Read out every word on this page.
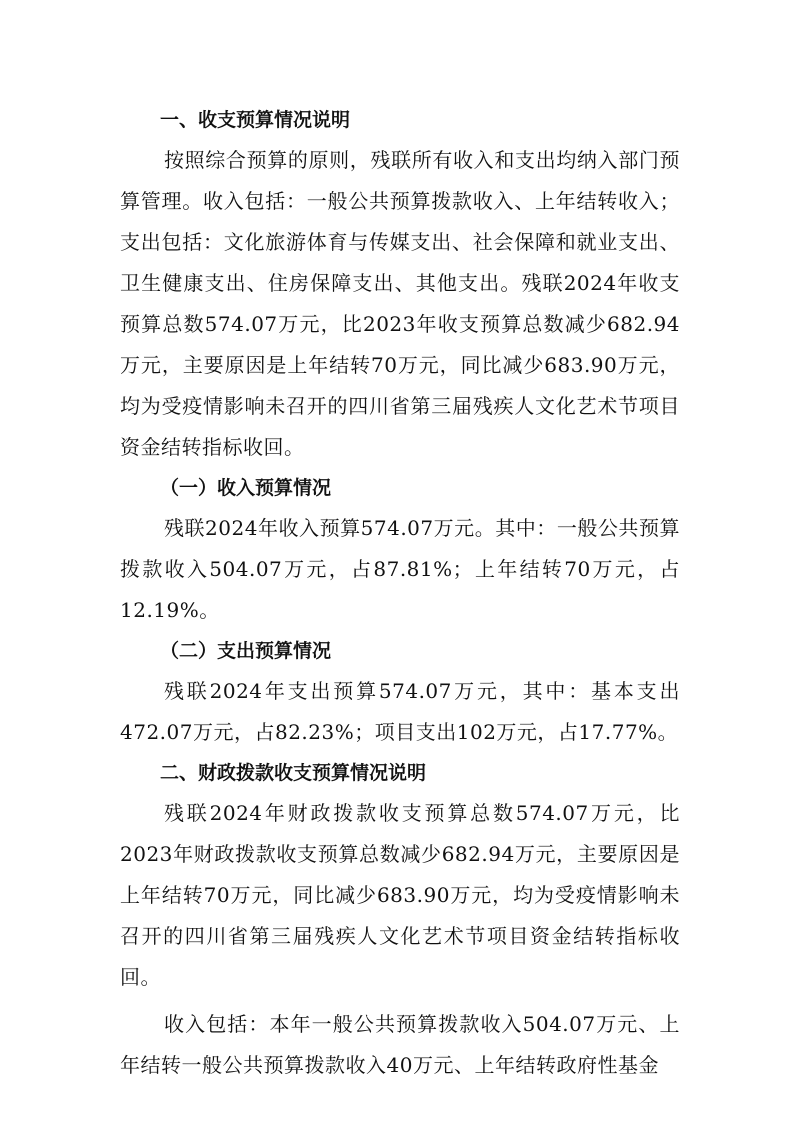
一、收支预算情况说明

按照综合预算的原则，残联所有收入和支出均纳入部门预算管理。收入包括：一般公共预算拨款收入、上年结转收入；支出包括：文化旅游体育与传媒支出、社会保障和就业支出、卫生健康支出、住房保障支出、其他支出。残联2024年收支预算总数574.07万元，比2023年收支预算总数减少682.94万元，主要原因是上年结转70万元，同比减少683.90万元，均为受疫情影响未召开的四川省第三届残疾人文化艺术节项目资金结转指标收回。

（一）收入预算情况

残联2024年收入预算574.07万元。其中：一般公共预算拨款收入504.07万元，占87.81%；上年结转70万元，占12.19%。

（二）支出预算情况

残联2024年支出预算574.07万元，其中：基本支出472.07万元，占82.23%；项目支出102万元，占17.77%。

二、财政拨款收支预算情况说明

残联2024年财政拨款收支预算总数574.07万元，比2023年财政拨款收支预算总数减少682.94万元，主要原因是上年结转70万元，同比减少683.90万元，均为受疫情影响未召开的四川省第三届残疾人文化艺术节项目资金结转指标收回。

收入包括：本年一般公共预算拨款收入504.07万元、上年结转一般公共预算拨款收入40万元、上年结转政府性基金
